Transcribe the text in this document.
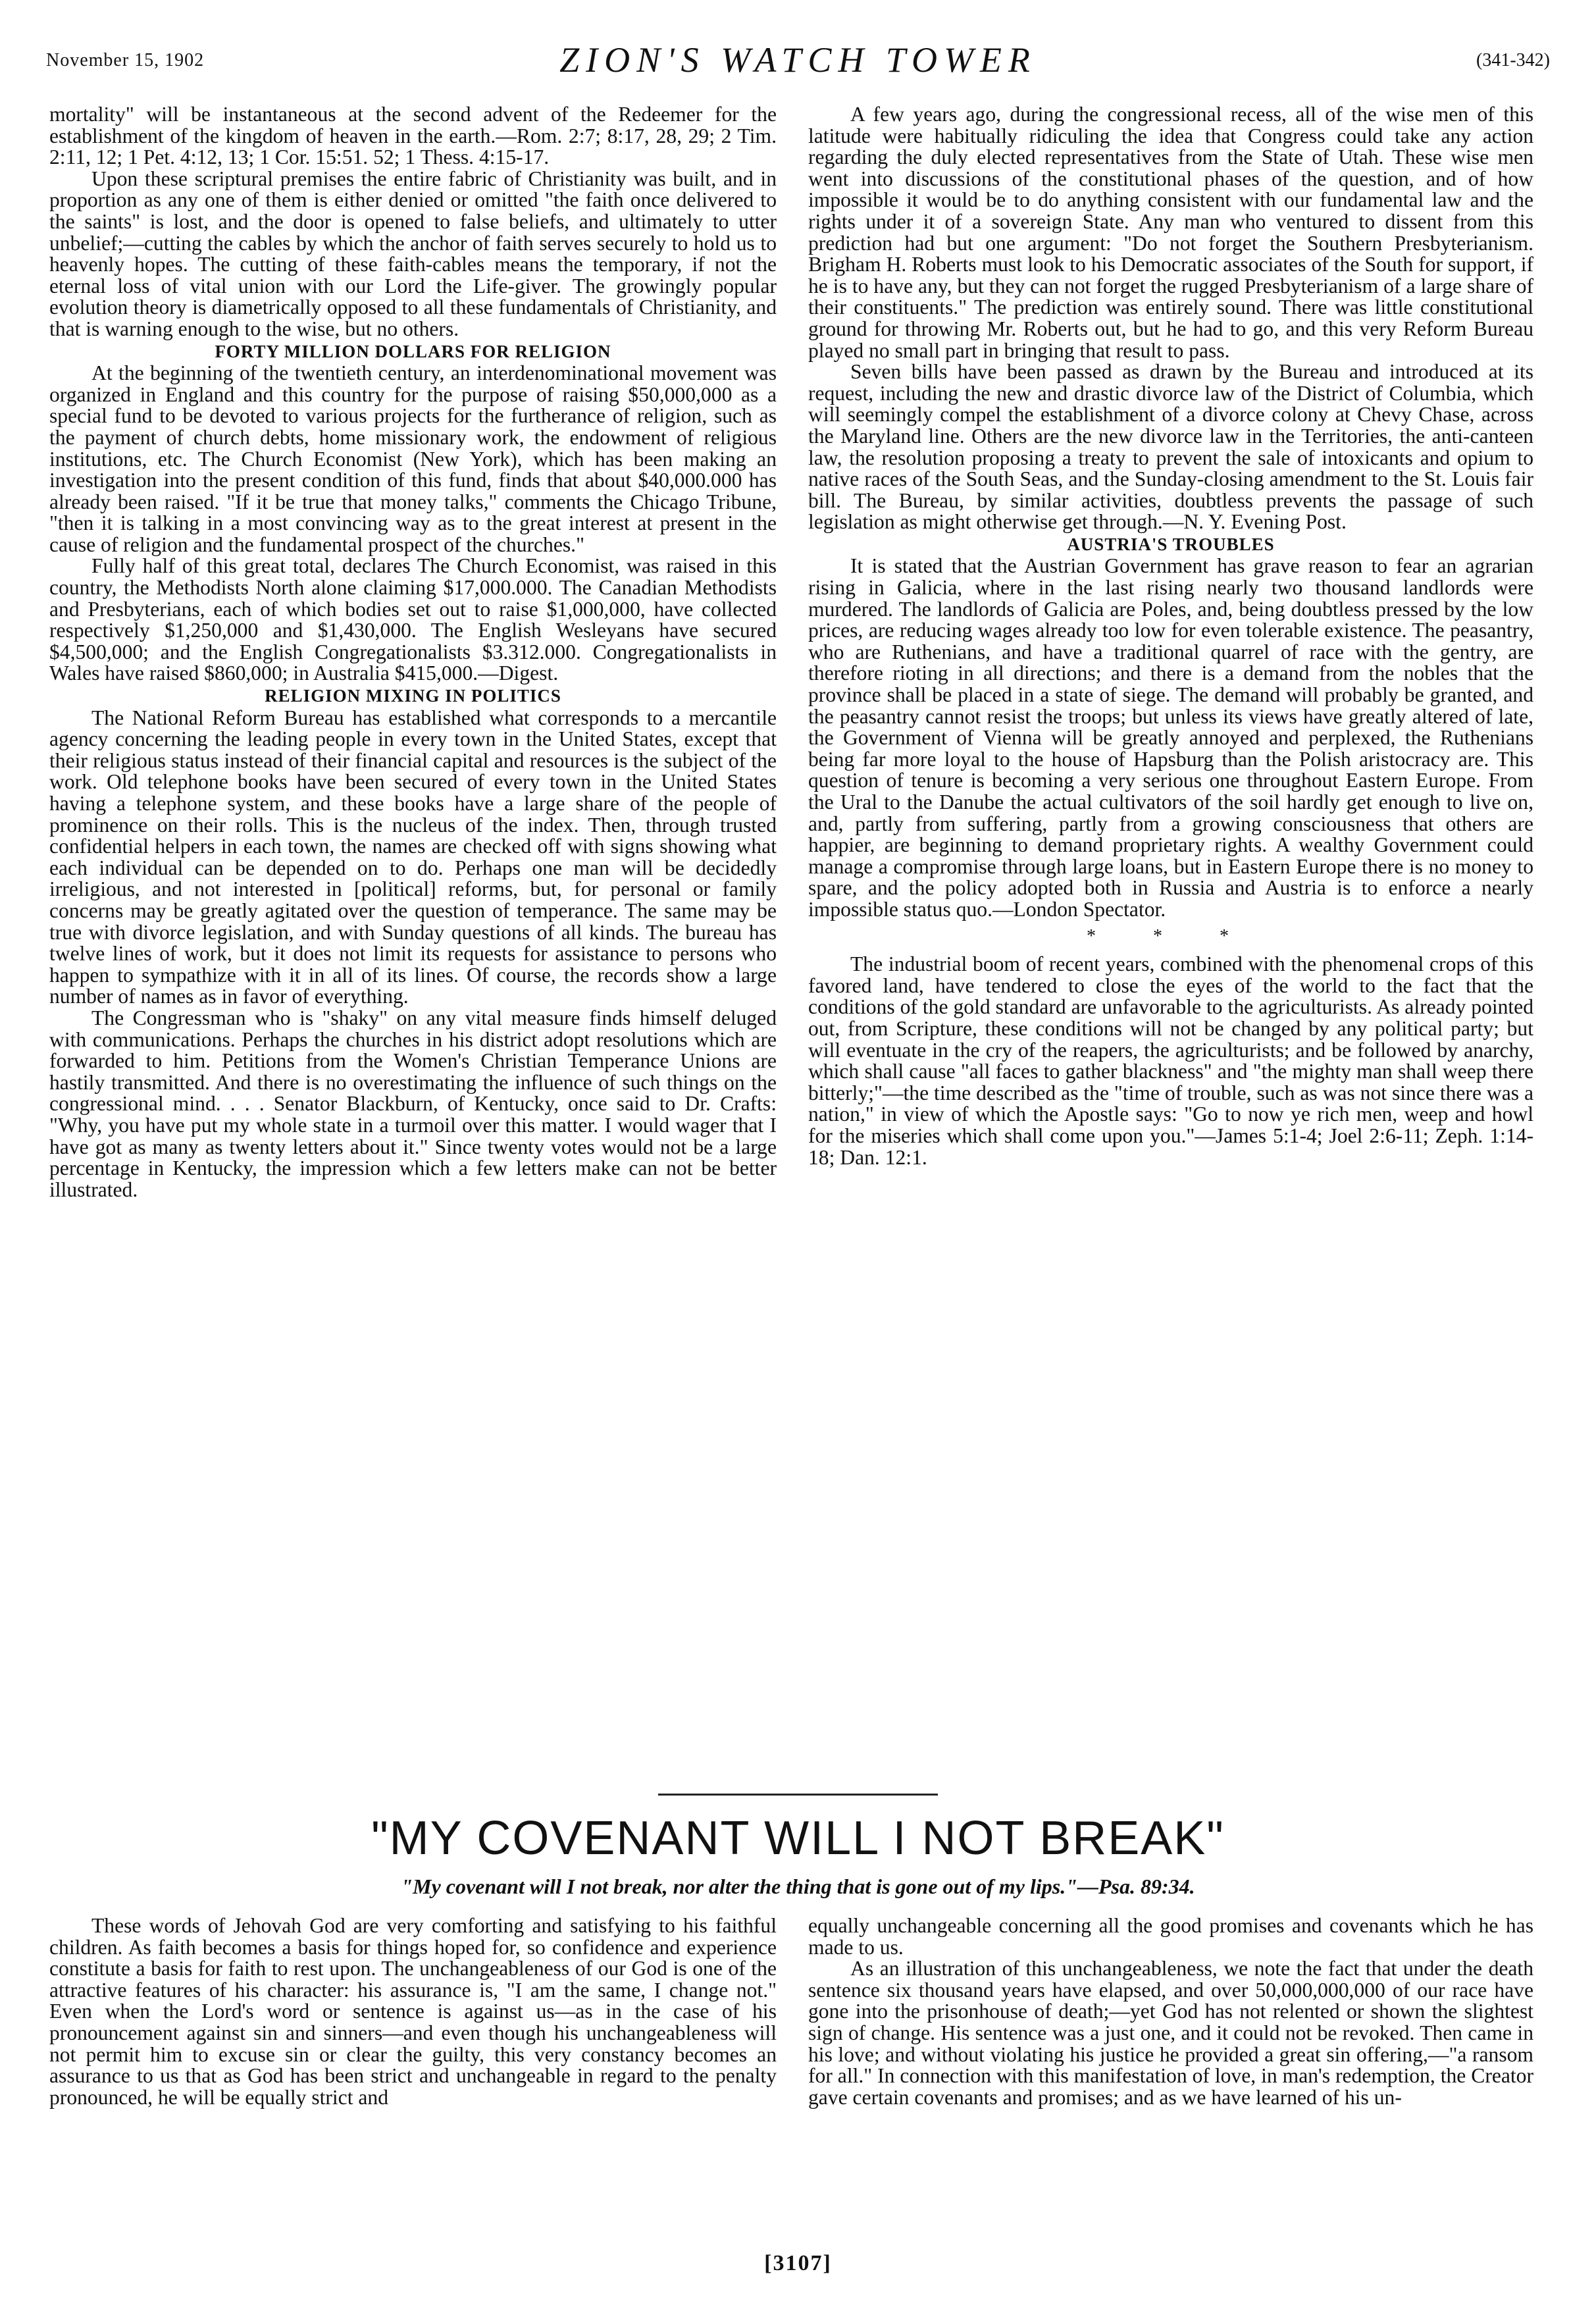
November 15, 1902	ZION'S WATCH TOWER	(341-342)

mortality" will be instantaneous at the second advent of the Redeemer for the establishment of the kingdom of heaven in the earth.—Rom. 2:7; 8:17, 28, 29; 2 Tim. 2:11, 12; 1 Pet. 4:12, 13; 1 Cor. 15:51. 52; 1 Thess. 4:15-17.

Upon these scriptural premises the entire fabric of Christianity was built, and in proportion as any one of them is either denied or omitted "the faith once delivered to the saints" is lost, and the door is opened to false beliefs, and ultimately to utter unbelief;—cutting the cables by which the anchor of faith serves securely to hold us to heavenly hopes. The cutting of these faith-cables means the temporary, if not the eternal loss of vital union with our Lord the Life-giver. The growingly popular evolution theory is diametrically opposed to all these fundamentals of Christianity, and that is warning enough to the wise, but no others.

FORTY MILLION DOLLARS FOR RELIGION

At the beginning of the twentieth century, an interdenominational movement was organized in England and this country for the purpose of raising $50,000,000 as a special fund to be devoted to various projects for the furtherance of religion, such as the payment of church debts, home missionary work, the endowment of religious institutions, etc. The Church Economist (New York), which has been making an investigation into the present condition of this fund, finds that about $40,000.000 has already been raised. "If it be true that money talks," comments the Chicago Tribune, "then it is talking in a most convincing way as to the great interest at present in the cause of religion and the fundamental prospect of the churches."

Fully half of this great total, declares The Church Economist, was raised in this country, the Methodists North alone claiming $17,000.000. The Canadian Methodists and Presbyterians, each of which bodies set out to raise $1,000,000, have collected respectively $1,250,000 and $1,430,000. The English Wesleyans have secured $4,500,000; and the English Congregationalists $3.312.000. Congregationalists in Wales have raised $860,000; in Australia $415,000.—Digest.

RELIGION MIXING IN POLITICS

The National Reform Bureau has established what corresponds to a mercantile agency concerning the leading people in every town in the United States, except that their religious status instead of their financial capital and resources is the subject of the work. Old telephone books have been secured of every town in the United States having a telephone system, and these books have a large share of the people of prominence on their rolls. This is the nucleus of the index. Then, through trusted confidential helpers in each town, the names are checked off with signs showing what each individual can be depended on to do. Perhaps one man will be decidedly irreligious, and not interested in [political] reforms, but, for personal or family concerns may be greatly agitated over the question of temperance. The same may be true with divorce legislation, and with Sunday questions of all kinds. The bureau has twelve lines of work, but it does not limit its requests for assistance to persons who happen to sympathize with it in all of its lines. Of course, the records show a large number of names as in favor of everything.

The Congressman who is "shaky" on any vital measure finds himself deluged with communications. Perhaps the churches in his district adopt resolutions which are forwarded to him. Petitions from the Women's Christian Temperance Unions are hastily transmitted. And there is no overestimating the influence of such things on the congressional mind. . . . Senator Blackburn, of Kentucky, once said to Dr. Crafts: "Why, you have put my whole state in a turmoil over this matter. I would wager that I have got as many as twenty letters about it." Since twenty votes would not be a large percentage in Kentucky, the impression which a few letters make can not be better illustrated.

A few years ago, during the congressional recess, all of the wise men of this latitude were habitually ridiculing the idea that Congress could take any action regarding the duly elected representatives from the State of Utah. These wise men went into discussions of the constitutional phases of the question, and of how impossible it would be to do anything consistent with our fundamental law and the rights under it of a sovereign State. Any man who ventured to dissent from this prediction had but one argument: "Do not forget the Southern Presbyterianism. Brigham H. Roberts must look to his Democratic associates of the South for support, if he is to have any, but they can not forget the rugged Presbyterianism of a large share of their constituents." The prediction was entirely sound. There was little constitutional ground for throwing Mr. Roberts out, but he had to go, and this very Reform Bureau played no small part in bringing that result to pass.

Seven bills have been passed as drawn by the Bureau and introduced at its request, including the new and drastic divorce law of the District of Columbia, which will seemingly compel the establishment of a divorce colony at Chevy Chase, across the Maryland line. Others are the new divorce law in the Territories, the anti-canteen law, the resolution proposing a treaty to prevent the sale of intoxicants and opium to native races of the South Seas, and the Sunday-closing amendment to the St. Louis fair bill. The Bureau, by similar activities, doubtless prevents the passage of such legislation as might otherwise get through.—N. Y. Evening Post.

AUSTRIA'S TROUBLES

It is stated that the Austrian Government has grave reason to fear an agrarian rising in Galicia, where in the last rising nearly two thousand landlords were murdered. The landlords of Galicia are Poles, and, being doubtless pressed by the low prices, are reducing wages already too low for even tolerable existence. The peasantry, who are Ruthenians, and have a traditional quarrel of race with the gentry, are therefore rioting in all directions; and there is a demand from the nobles that the province shall be placed in a state of siege. The demand will probably be granted, and the peasantry cannot resist the troops; but unless its views have greatly altered of late, the Government of Vienna will be greatly annoyed and perplexed, the Ruthenians being far more loyal to the house of Hapsburg than the Polish aristocracy are. This question of tenure is becoming a very serious one throughout Eastern Europe. From the Ural to the Danube the actual cultivators of the soil hardly get enough to live on, and, partly from suffering, partly from a growing consciousness that others are happier, are beginning to demand proprietary rights. A wealthy Government could manage a compromise through large loans, but in Eastern Europe there is no money to spare, and the policy adopted both in Russia and Austria is to enforce a nearly impossible status quo.—London Spectator.

* * *

The industrial boom of recent years, combined with the phenomenal crops of this favored land, have tendered to close the eyes of the world to the fact that the conditions of the gold standard are unfavorable to the agriculturists. As already pointed out, from Scripture, these conditions will not be changed by any political party; but will eventuate in the cry of the reapers, the agriculturists; and be followed by anarchy, which shall cause "all faces to gather blackness" and "the mighty man shall weep there bitterly;"—the time described as the "time of trouble, such as was not since there was a nation," in view of which the Apostle says: "Go to now ye rich men, weep and howl for the miseries which shall come upon you."—James 5:1-4; Joel 2:6-11; Zeph. 1:14-18; Dan. 12:1.

"MY COVENANT WILL I NOT BREAK"
"My covenant will I not break, nor alter the thing that is gone out of my lips."—Psa. 89:34.

These words of Jehovah God are very comforting and satisfying to his faithful children. As faith becomes a basis for things hoped for, so confidence and experience constitute a basis for faith to rest upon. The unchangeableness of our God is one of the attractive features of his character: his assurance is, "I am the same, I change not." Even when the Lord's word or sentence is against us—as in the case of his pronouncement against sin and sinners—and even though his unchangeableness will not permit him to excuse sin or clear the guilty, this very constancy becomes an assurance to us that as God has been strict and unchangeable in regard to the penalty pronounced, he will be equally strict and

equally unchangeable concerning all the good promises and covenants which he has made to us.

As an illustration of this unchangeableness, we note the fact that under the death sentence six thousand years have elapsed, and over 50,000,000,000 of our race have gone into the prisonhouse of death;—yet God has not relented or shown the slightest sign of change. His sentence was a just one, and it could not be revoked. Then came in his love; and without violating his justice he provided a great sin offering,—"a ransom for all." In connection with this manifestation of love, in man's redemption, the Creator gave certain covenants and promises; and as we have learned of his un-

[3107]
